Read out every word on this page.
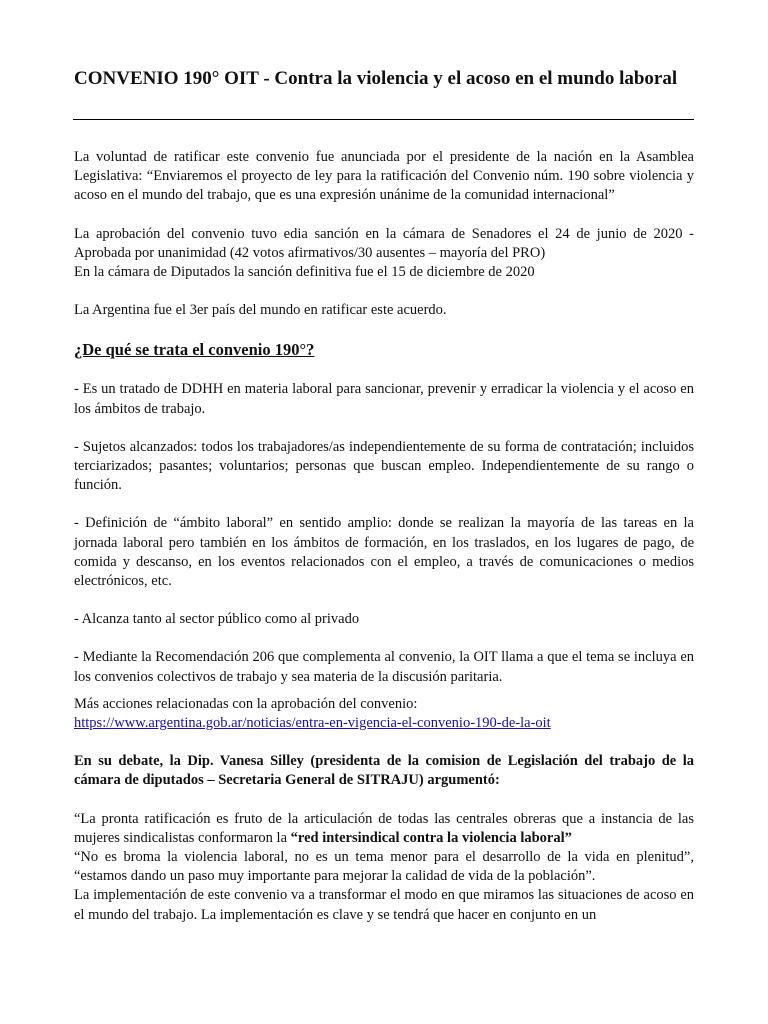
CONVENIO 190° OIT - Contra la violencia y el acoso en el mundo laboral

La voluntad de ratificar este convenio fue anunciada por el presidente de la nación en la Asamblea Legislativa: “Enviaremos el proyecto de ley para la ratificación del Convenio núm. 190 sobre violencia y acoso en el mundo del trabajo, que es una expresión unánime de la comunidad internacional”

La aprobación del convenio tuvo edia sanción en la cámara de Senadores el 24 de junio de 2020 - Aprobada por unanimidad (42 votos afirmativos/30 ausentes – mayoría del PRO)

En la cámara de Diputados la sanción definitiva fue el 15 de diciembre de 2020

La Argentina fue el 3er país del mundo en ratificar este acuerdo.

¿De qué se trata el convenio 190°?

- Es un tratado de DDHH en materia laboral para sancionar, prevenir y erradicar la violencia y el acoso en los ámbitos de trabajo.

- Sujetos alcanzados: todos los trabajadores/as independientemente de su forma de contratación; incluidos terciarizados; pasantes; voluntarios; personas que buscan empleo. Independientemente de su rango o función.

- Definición de “ámbito laboral” en sentido amplio: donde se realizan la mayoría de las tareas en la jornada laboral pero también en los ámbitos de formación, en los traslados, en los lugares de pago, de comida y descanso, en los eventos relacionados con el empleo, a través de comunicaciones o medios electrónicos, etc.

- Alcanza tanto al sector público como al privado

- Mediante la Recomendación 206 que complementa al convenio, la OIT llama a que el tema se incluya en los convenios colectivos de trabajo y sea materia de la discusión paritaria.

Más acciones relacionadas con la aprobación del convenio:

https://www.argentina.gob.ar/noticias/entra-en-vigencia-el-convenio-190-de-la-oit

En su debate, la Dip. Vanesa Silley (presidenta de la comision de Legislación del trabajo de la cámara de diputados – Secretaria General de SITRAJU) argumentó:

“La pronta ratificación es fruto de la articulación de todas las centrales obreras que a instancia de las mujeres sindicalistas conformaron la “red intersindical contra la violencia laboral”

“No es broma la violencia laboral, no es un tema menor para el desarrollo de la vida en plenitud”, “estamos dando un paso muy importante para mejorar la calidad de vida de la población”.

La implementación de este convenio va a transformar el modo en que miramos las situaciones de acoso en el mundo del trabajo. La implementación es clave y se tendrá que hacer en conjunto en un
